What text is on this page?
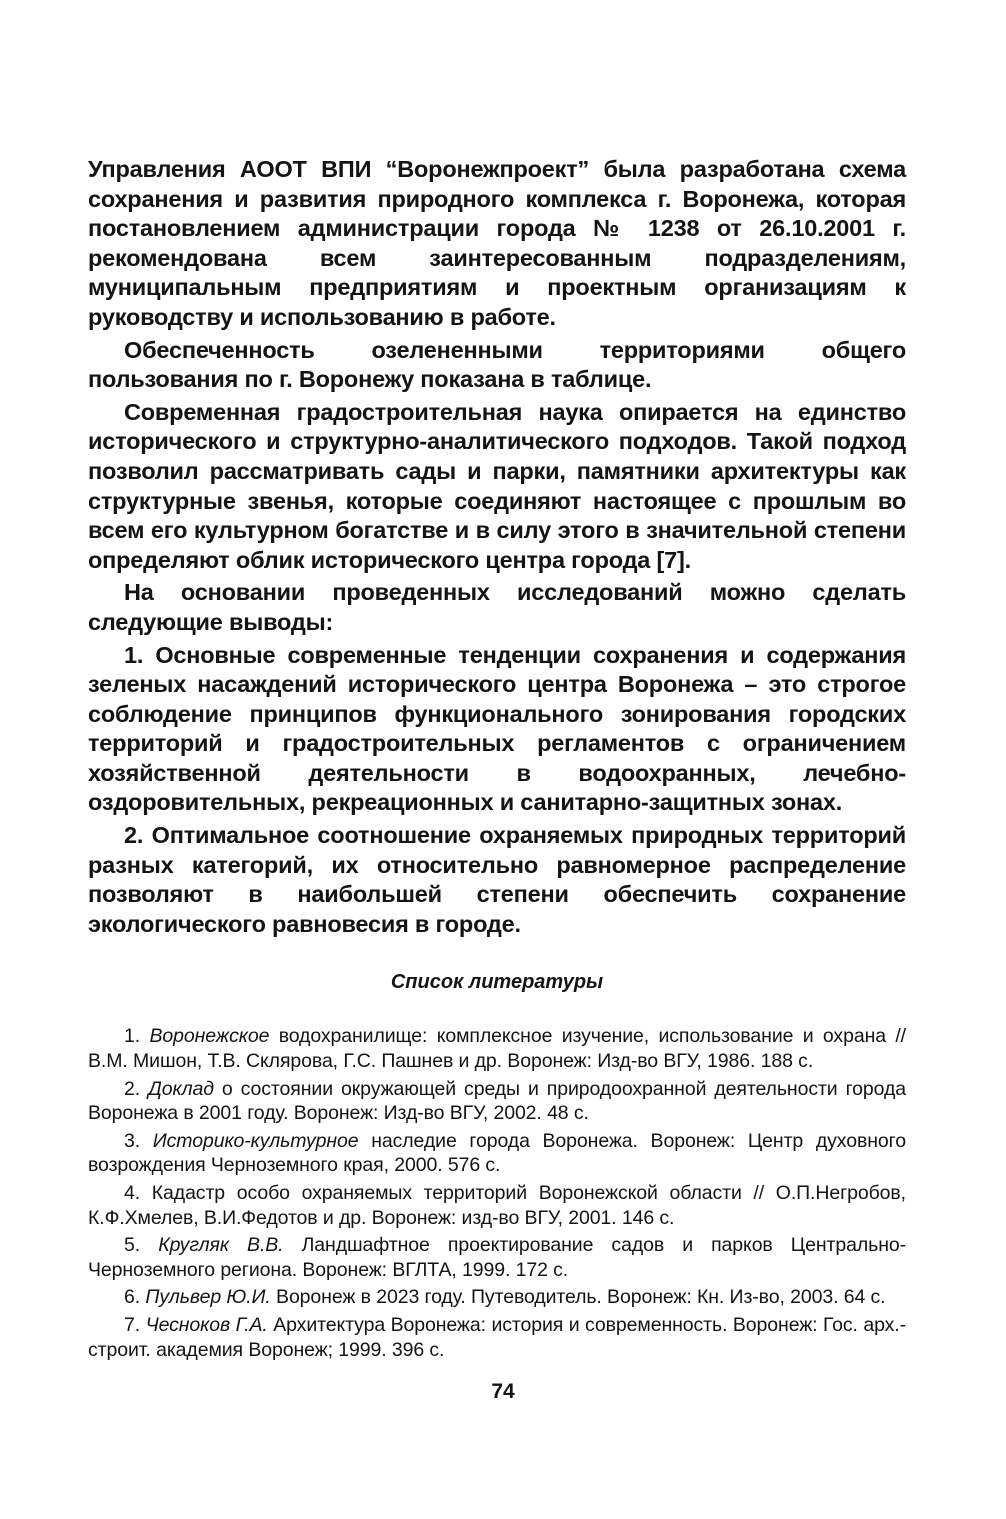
Управления АООТ ВПИ “Воронежпроект” была разработана схема сохранения и развития природного комплекса г. Воронежа, которая постановлением администрации города № 1238 от 26.10.2001 г. рекомендована всем заинтересованным подразделениям, муниципальным предприятиям и проектным организациям к руководству и использованию в работе.

Обеспеченность озелененными территориями общего пользования по г. Воронежу показана в таблице.

Современная градостроительная наука опирается на единство исторического и структурно-аналитического подходов. Такой подход позволил рассматривать сады и парки, памятники архитектуры как структурные звенья, которые соединяют настоящее с прошлым во всем его культурном богатстве и в силу этого в значительной степени определяют облик исторического центра города [7].

На основании проведенных исследований можно сделать следующие выводы:

1. Основные современные тенденции сохранения и содержания зеленых насаждений исторического центра Воронежа – это строгое соблюдение принципов функционального зонирования городских территорий и градостроительных регламентов с ограничением хозяйственной деятельности в водоохранных, лечебно-оздоровительных, рекреационных и санитарно-защитных зонах.

2. Оптимальное соотношение охраняемых природных территорий разных категорий, их относительно равномерное распределение позволяют в наибольшей степени обеспечить сохранение экологического равновесия в городе.

Список литературы

1. Воронежское водохранилище: комплексное изучение, использование и охрана // В.М. Мишон, Т.В. Склярова, Г.С. Пашнев и др. Воронеж: Изд-во ВГУ, 1986. 188 с.

2. Доклад о состоянии окружающей среды и природоохранной деятельности города Воронежа в 2001 году. Воронеж: Изд-во ВГУ, 2002. 48 с.

3. Историко-культурное наследие города Воронежа. Воронеж: Центр духовного возрождения Черноземного края, 2000. 576 с.

4. Кадастр особо охраняемых территорий Воронежской области // О.П.Негробов, К.Ф.Хмелев, В.И.Федотов и др. Воронеж: изд-во ВГУ, 2001. 146 с.

5. Кругляк В.В. Ландшафтное проектирование садов и парков Центрально-Черноземного региона. Воронеж: ВГЛТА, 1999. 172 с.

6. Пульвер Ю.И. Воронеж в 2023 году. Путеводитель. Воронеж: Кн. Из-во, 2003. 64 с.

7. Чесноков Г.А. Архитектура Воронежа: история и современность. Воронеж: Гос. арх.-строит. академия Воронеж; 1999. 396 с.

74
